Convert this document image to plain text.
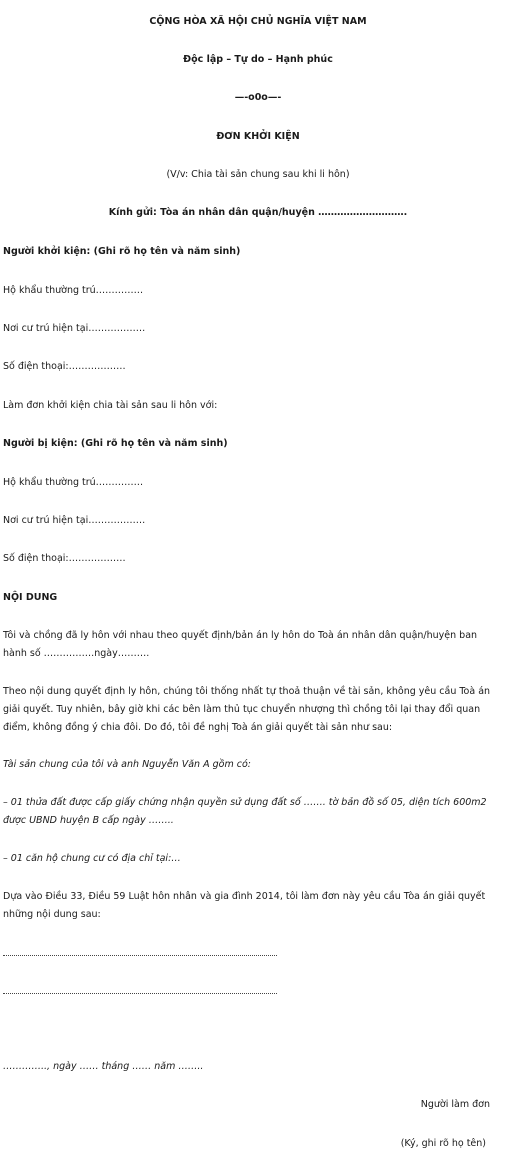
CỘNG HÒA XÃ HỘI CHỦ NGHĨA VIỆT NAM
Độc lập – Tự do – Hạnh phúc
—-o0o—-
ĐƠN KHỞI KIỆN
(V/v: Chia tài sản chung sau khi li hôn)
Kính gửi: Tòa án nhân dân quận/huyện ……………………….
Người khởi kiện: (Ghi rõ họ tên và năm sinh)
Hộ khẩu thường trú……………
Nơi cư trú hiện tại………………
Số điện thoại:………………
Làm đơn khởi kiện chia tài sản sau li hôn với:
Người bị kiện: (Ghi rõ họ tên và năm sinh)
Hộ khẩu thường trú……………
Nơi cư trú hiện tại………………
Số điện thoại:………………
NỘI DUNG
Tôi và chồng đã ly hôn với nhau theo quyết định/bản án ly hôn do Toà án nhân dân quận/huyện ban
hành số …………….ngày……….
Theo nội dung quyết định ly hôn, chúng tôi thống nhất tự thoả thuận về tài sản, không yêu cầu Toà án
giải quyết. Tuy nhiên, bây giờ khi các bên làm thủ tục chuyển nhượng thì chồng tôi lại thay đổi quan
điểm, không đồng ý chia đôi. Do đó, tôi đề nghị Toà án giải quyết tài sản như sau:
Tài sản chung của tôi và anh Nguyễn Văn A gồm có:
– 01 thửa đất được cấp giấy chứng nhận quyền sử dụng đất số ……. tờ bản đồ số 05, diện tích 600m2
được UBND huyện B cấp ngày ……..
– 01 căn hộ chung cư có địa chỉ tại:…
Dựa vào Điều 33, Điều 59 Luật hôn nhân và gia đình 2014, tôi làm đơn này yêu cầu Tòa án giải quyết
những nội dung sau:
………….., ngày …… tháng …… năm ……..
Người làm đơn
(Ký, ghi rõ họ tên)
